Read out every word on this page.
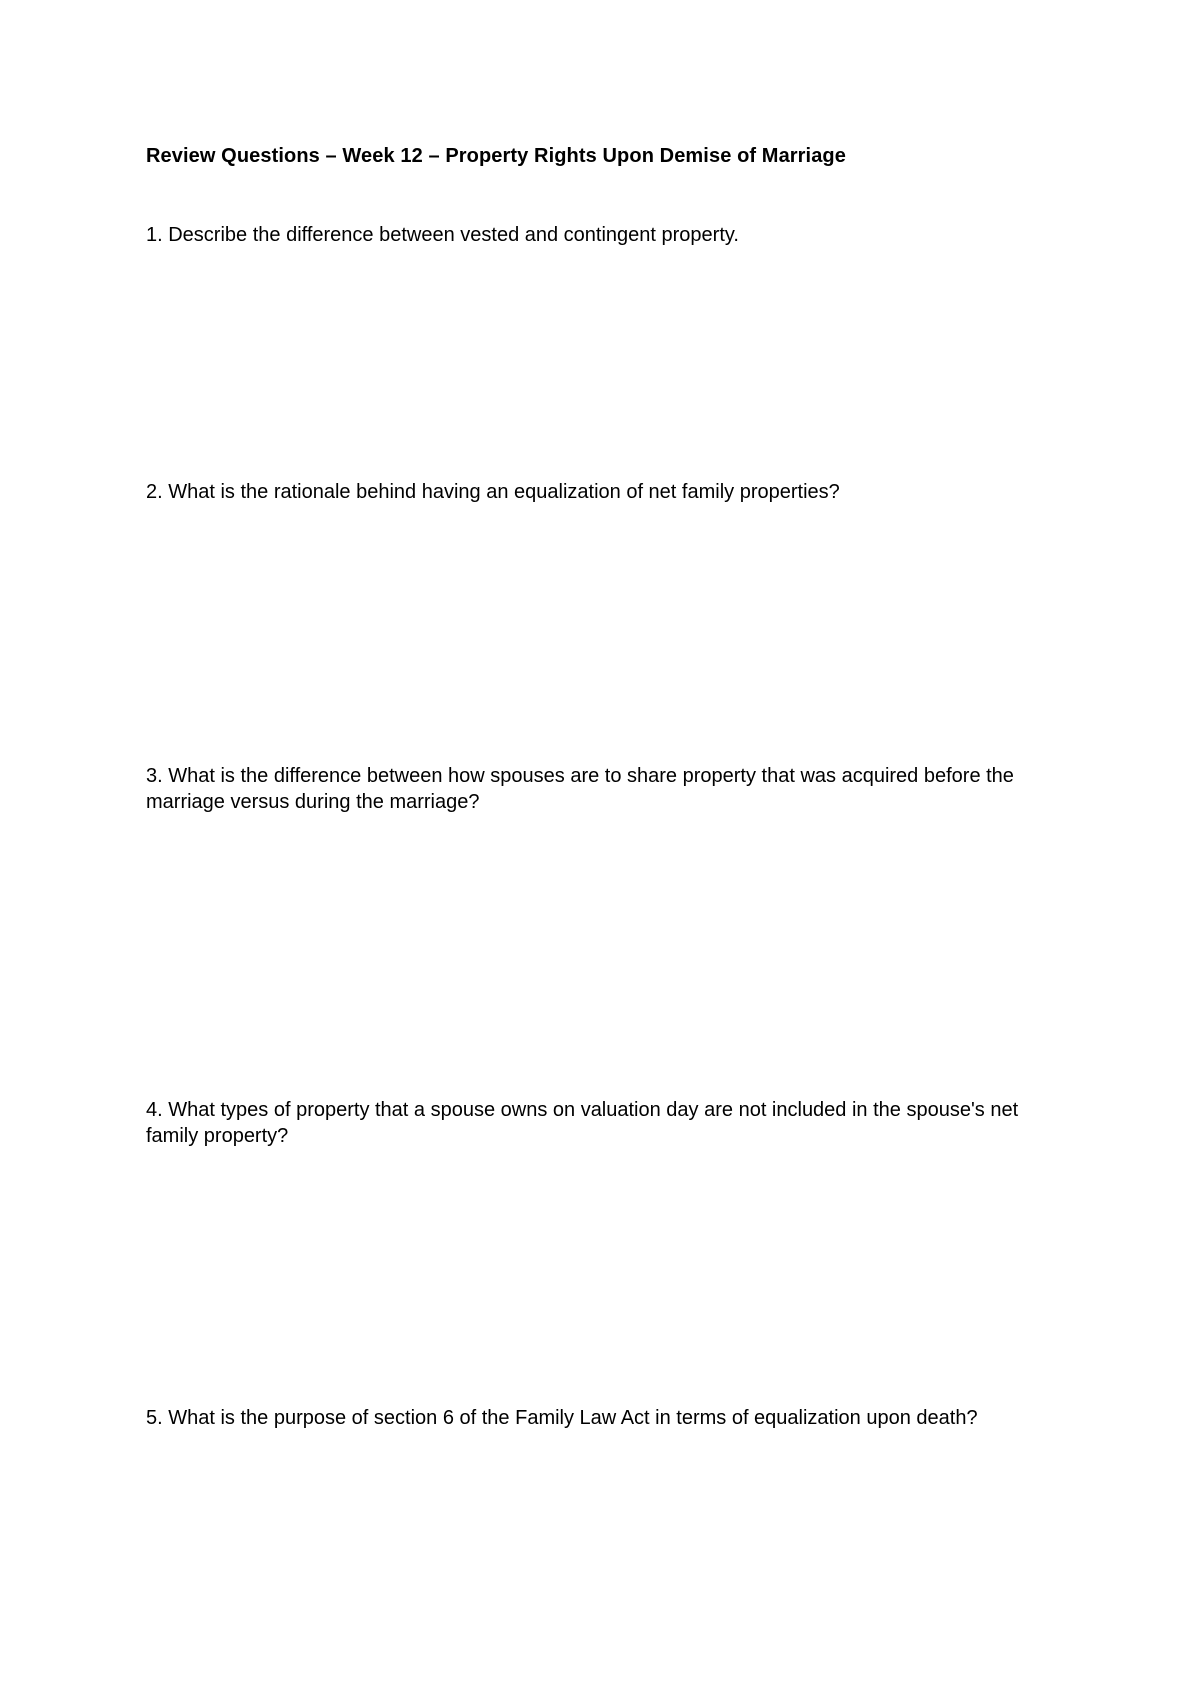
Review Questions – Week 12 – Property Rights Upon Demise of Marriage
1. Describe the difference between vested and contingent property.
2. What is the rationale behind having an equalization of net family properties?
3. What is the difference between how spouses are to share property that was acquired before the marriage versus during the marriage?
4. What types of property that a spouse owns on valuation day are not included in the spouse's net family property?
5. What is the purpose of section 6 of the Family Law Act in terms of equalization upon death?
